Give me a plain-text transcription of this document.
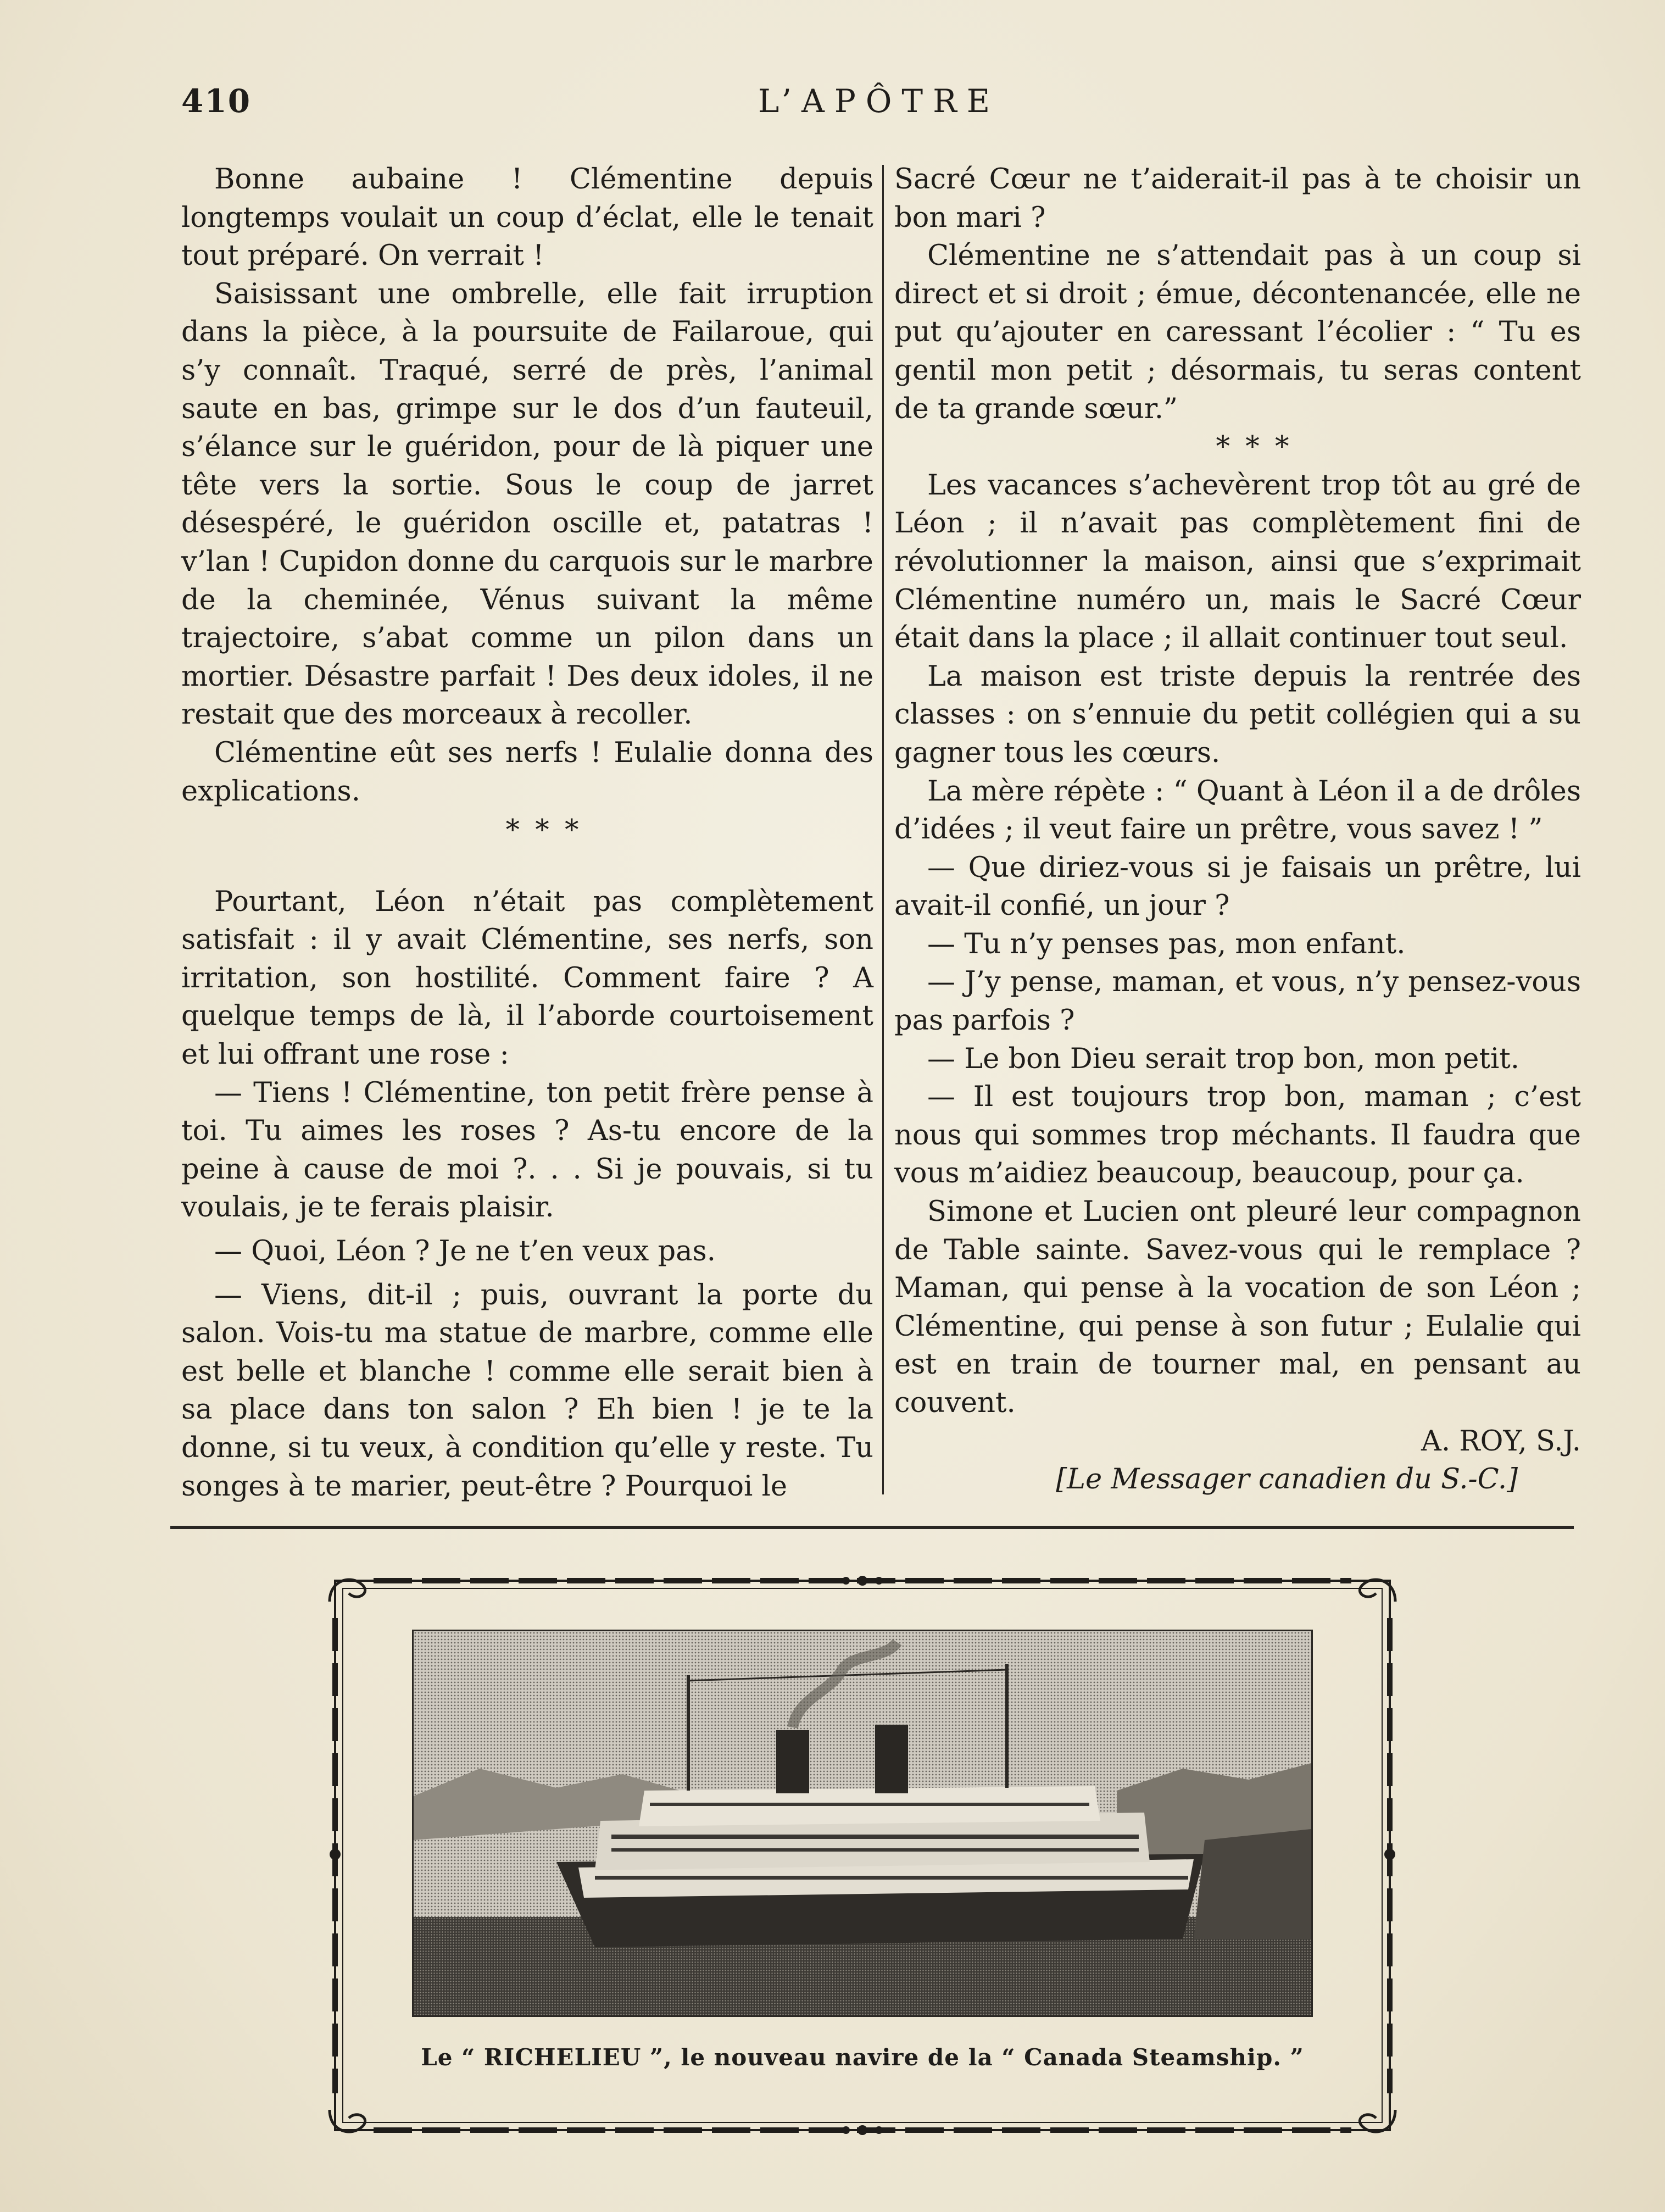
410	L’APÔTRE

Bonne aubaine ! Clémentine depuis longtemps voulait un coup d’éclat, elle le tenait tout préparé. On verrait !

Saisissant une ombrelle, elle fait irruption dans la pièce, à la poursuite de Failaroue, qui s’y connaît. Traqué, serré de près, l’animal saute en bas, grimpe sur le dos d’un fauteuil, s’élance sur le guéridon, pour de là piquer une tête vers la sortie. Sous le coup de jarret désespéré, le guéridon oscille et, patatras ! v’lan ! Cupidon donne du carquois sur le marbre de la cheminée, Vénus suivant la même trajectoire, s’abat comme un pilon dans un mortier. Désastre parfait ! Des deux idoles, il ne restait que des morceaux à recoller.

Clémentine eût ses nerfs ! Eulalie donna des explications.

* * *

Pourtant, Léon n’était pas complètement satisfait : il y avait Clémentine, ses nerfs, son irritation, son hostilité. Comment faire ? A quelque temps de là, il l’aborde courtoisement et lui offrant une rose :

— Tiens ! Clémentine, ton petit frère pense à toi. Tu aimes les roses ? As-tu encore de la peine à cause de moi ?. . . Si je pouvais, si tu voulais, je te ferais plaisir.

— Quoi, Léon ? Je ne t’en veux pas.

— Viens, dit-il ; puis, ouvrant la porte du salon. Vois-tu ma statue de marbre, comme elle est belle et blanche ! comme elle serait bien à sa place dans ton salon ? Eh bien ! je te la donne, si tu veux, à condition qu’elle y reste. Tu songes à te marier, peut-être ? Pourquoi le

Sacré Cœur ne t’aiderait-il pas à te choisir un bon mari ?

Clémentine ne s’attendait pas à un coup si direct et si droit ; émue, décontenancée, elle ne put qu’ajouter en caressant l’écolier : “ Tu es gentil mon petit ; désormais, tu seras content de ta grande sœur.”

* * *

Les vacances s’achevèrent trop tôt au gré de Léon ; il n’avait pas complètement fini de révolutionner la maison, ainsi que s’exprimait Clémentine numéro un, mais le Sacré Cœur était dans la place ; il allait continuer tout seul.

La maison est triste depuis la rentrée des classes : on s’ennuie du petit collégien qui a su gagner tous les cœurs.

La mère répète : “ Quant à Léon il a de drôles d’idées ; il veut faire un prêtre, vous savez ! ”

— Que diriez-vous si je faisais un prêtre, lui avait-il confié, un jour ?

— Tu n’y penses pas, mon enfant.

— J’y pense, maman, et vous, n’y pensez-vous pas parfois ?

— Le bon Dieu serait trop bon, mon petit.

— Il est toujours trop bon, maman ; c’est nous qui sommes trop méchants. Il faudra que vous m’aidiez beaucoup, beaucoup, pour ça.

Simone et Lucien ont pleuré leur compagnon de Table sainte. Savez-vous qui le remplace ? Maman, qui pense à la vocation de son Léon ; Clémentine, qui pense à son futur ; Eulalie qui est en train de tourner mal, en pensant au couvent.

A. ROY, S.J.

[Le Messager canadien du S.-C.]

Le “ RICHELIEU ”, le nouveau navire de la “ Canada Steamship. ”
